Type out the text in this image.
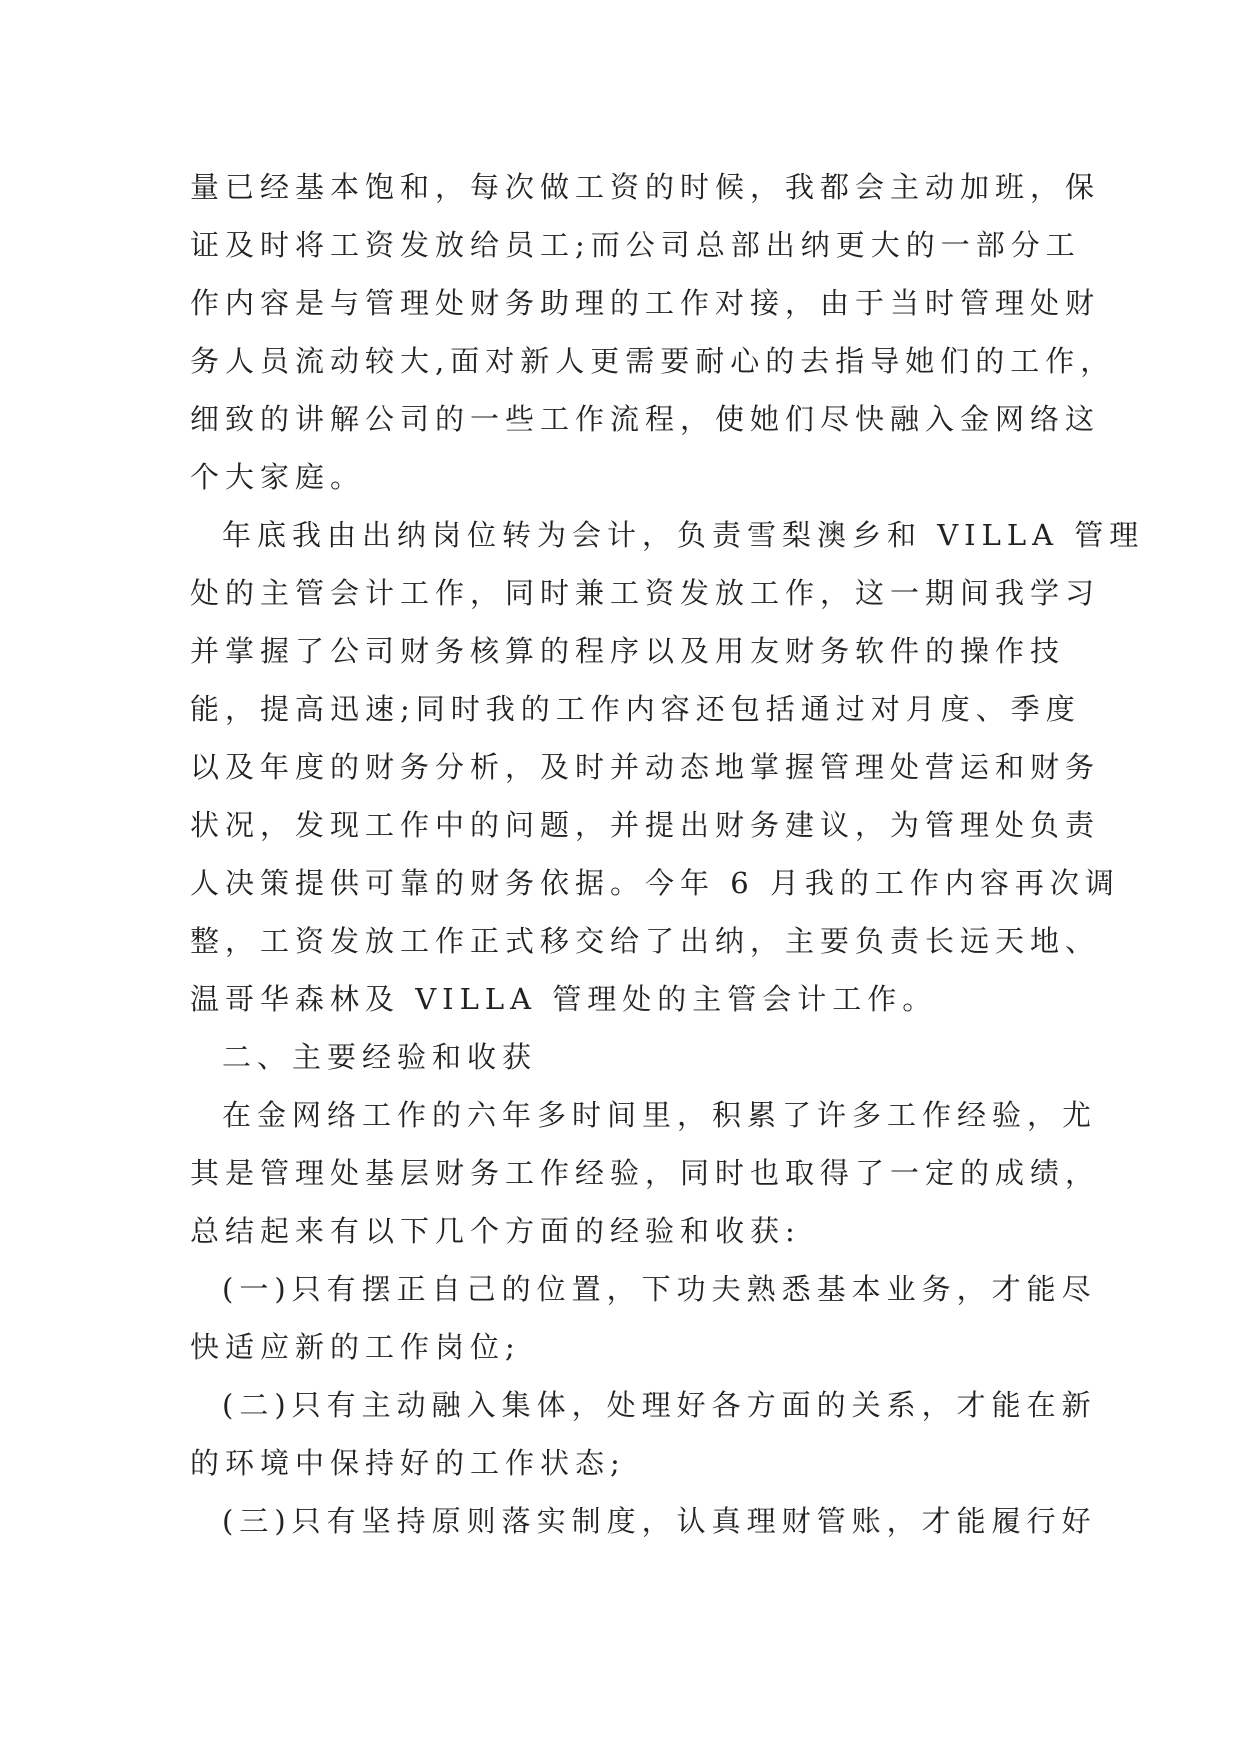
量已经基本饱和，每次做工资的时候，我都会主动加班，保
证及时将工资发放给员工;而公司总部出纳更大的一部分工
作内容是与管理处财务助理的工作对接，由于当时管理处财
务人员流动较大,面对新人更需要耐心的去指导她们的工作，
细致的讲解公司的一些工作流程，使她们尽快融入金网络这
个大家庭。
年底我由出纳岗位转为会计，负责雪梨澳乡和 VILLA 管理
处的主管会计工作，同时兼工资发放工作，这一期间我学习
并掌握了公司财务核算的程序以及用友财务软件的操作技
能，提高迅速;同时我的工作内容还包括通过对月度、季度
以及年度的财务分析，及时并动态地掌握管理处营运和财务
状况，发现工作中的问题，并提出财务建议，为管理处负责
人决策提供可靠的财务依据。今年 6 月我的工作内容再次调
整，工资发放工作正式移交给了出纳，主要负责长远天地、
温哥华森林及 VILLA 管理处的主管会计工作。
二、主要经验和收获
在金网络工作的六年多时间里，积累了许多工作经验，尤
其是管理处基层财务工作经验，同时也取得了一定的成绩，
总结起来有以下几个方面的经验和收获:
(一)只有摆正自己的位置，下功夫熟悉基本业务，才能尽
快适应新的工作岗位;
(二)只有主动融入集体，处理好各方面的关系，才能在新
的环境中保持好的工作状态;
(三)只有坚持原则落实制度，认真理财管账，才能履行好
